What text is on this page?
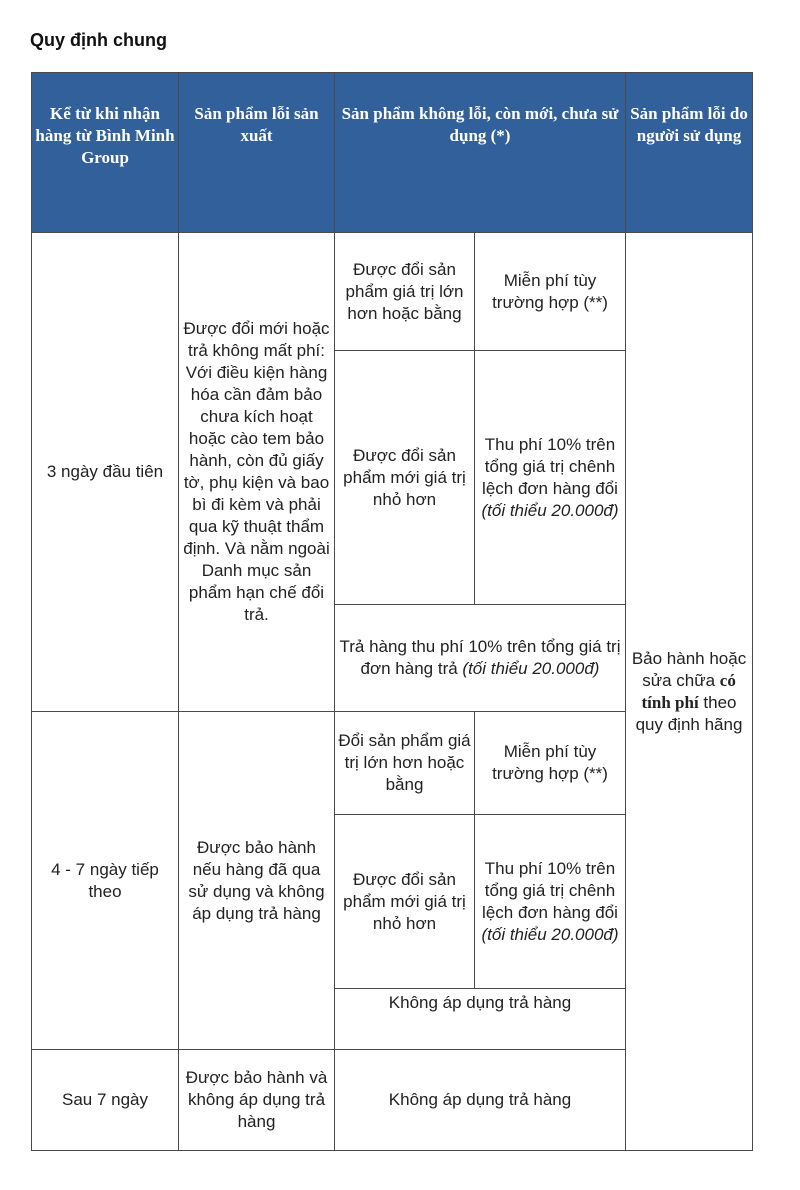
Quy định chung
Kể từ khi nhận hàng từ Bình Minh Group	Sản phẩm lỗi sản xuất	Sản phẩm không lỗi, còn mới, chưa sử dụng (*)		Sản phẩm lỗi do người sử dụng
3 ngày đầu tiên	Được đổi mới hoặc trả không mất phí: Với điều kiện hàng hóa cần đảm bảo chưa kích hoạt hoặc cào tem bảo hành, còn đủ giấy tờ, phụ kiện và bao bì đi kèm và phải qua kỹ thuật thẩm định. Và nằm ngoài Danh mục sản phẩm hạn chế đổi trả.	Được đổi sản phẩm giá trị lớn hơn hoặc bằng	Miễn phí tùy trường hợp (**)	Bảo hành hoặc sửa chữa có tính phí theo quy định hãng
		Được đổi sản phẩm mới giá trị nhỏ hơn	Thu phí 10% trên tổng giá trị chênh lệch đơn hàng đổi (tối thiểu 20.000đ)	
		Trả hàng thu phí 10% trên tổng giá trị đơn hàng trả (tối thiểu 20.000đ)		
4 - 7 ngày tiếp theo	Được bảo hành nếu hàng đã qua sử dụng và không áp dụng trả hàng	Đổi sản phẩm giá trị lớn hơn hoặc bằng	Miễn phí tùy trường hợp (**)	
		Được đổi sản phẩm mới giá trị nhỏ hơn	Thu phí 10% trên tổng giá trị chênh lệch đơn hàng đổi (tối thiểu 20.000đ)	
		Không áp dụng trả hàng		
Sau 7 ngày	Được bảo hành và không áp dụng trả hàng	Không áp dụng trả hàng		
